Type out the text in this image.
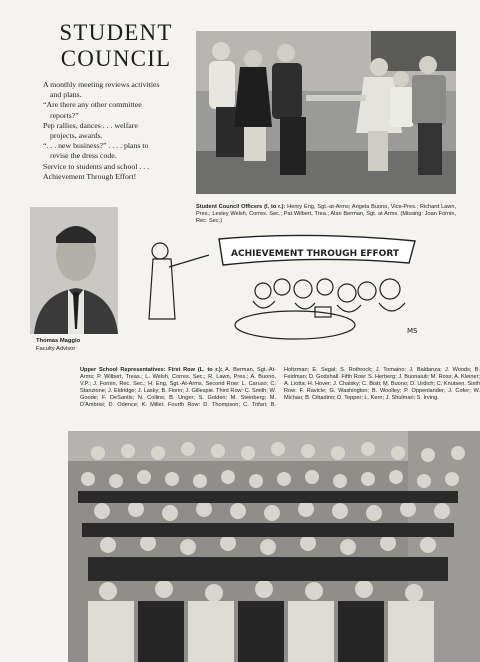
STUDENT
COUNCIL

A monthly meeting reviews activities

and plans.

“Are there any other committee

reports?”

Pep rallies, dances . . . welfare

projects, awards.

“. . . new business?” . . . . plans to

revise the dress code.

Service to students and school . . .

Achievement Through Effort!

Student Council Officers (l. to r.): Henry Eng, Sgt.-at-Arms; Angela Buono, Vice-Pres.; Richard Lawn, Pres.; Lesley Welsh, Corres. Sec.; Pat Wilbert, Trea.; Alan Berman, Sgt. at Arms. (Missing: Joan Fornin, Rec. Sec.)
Thomas Maggio
Faculty Advisor
ACHIEVEMENT THROUGH EFFORT
MS
Upper School Representatives: First Row (L. to r.): A. Berman, Sgt.-At-Arms; P. Wilbert, Treas.; L. Welsh, Corres. Sec.; R. Lawn, Pres.; A. Buono, V.P.; J. Fornin, Rec. Sec.; H. Eng, Sgt.-At-Arms. Second Row: L. Caruso; C. Stanzione; J. Eldridge; J. Lasky; B. Fiorin; J. Gillespie. Third Row: C. Smith; W. Goode; F. DeSantis; N. Collins; B. Unger; S. Golden; M. Steinberg; M. D'Ambrisi; D. Odence; K. Miller. Fourth Row: D. Thompson; C. Trifari; B. Holtzman; E. Segal; S. Rothrock; J. Tomaino; J. Baldanza; J. Woods; B. Feldman; D. Godshall. Fifth Row: S. Herberg; J. Buonaiuti; M. Ross; A. Kleiner; A. Liotta; H. Hover; J. Chalsky; C. Bisti; M. Buono; D. Urdich; C. Knutsen. Sixth Row: F. Ravicle; G. Washington; B. Woolley; P. Oppenlander; J. Cofer; W. Michau; B. Cittadino; D. Tepper; L. Kern; J. Shulman; S. Irving.
